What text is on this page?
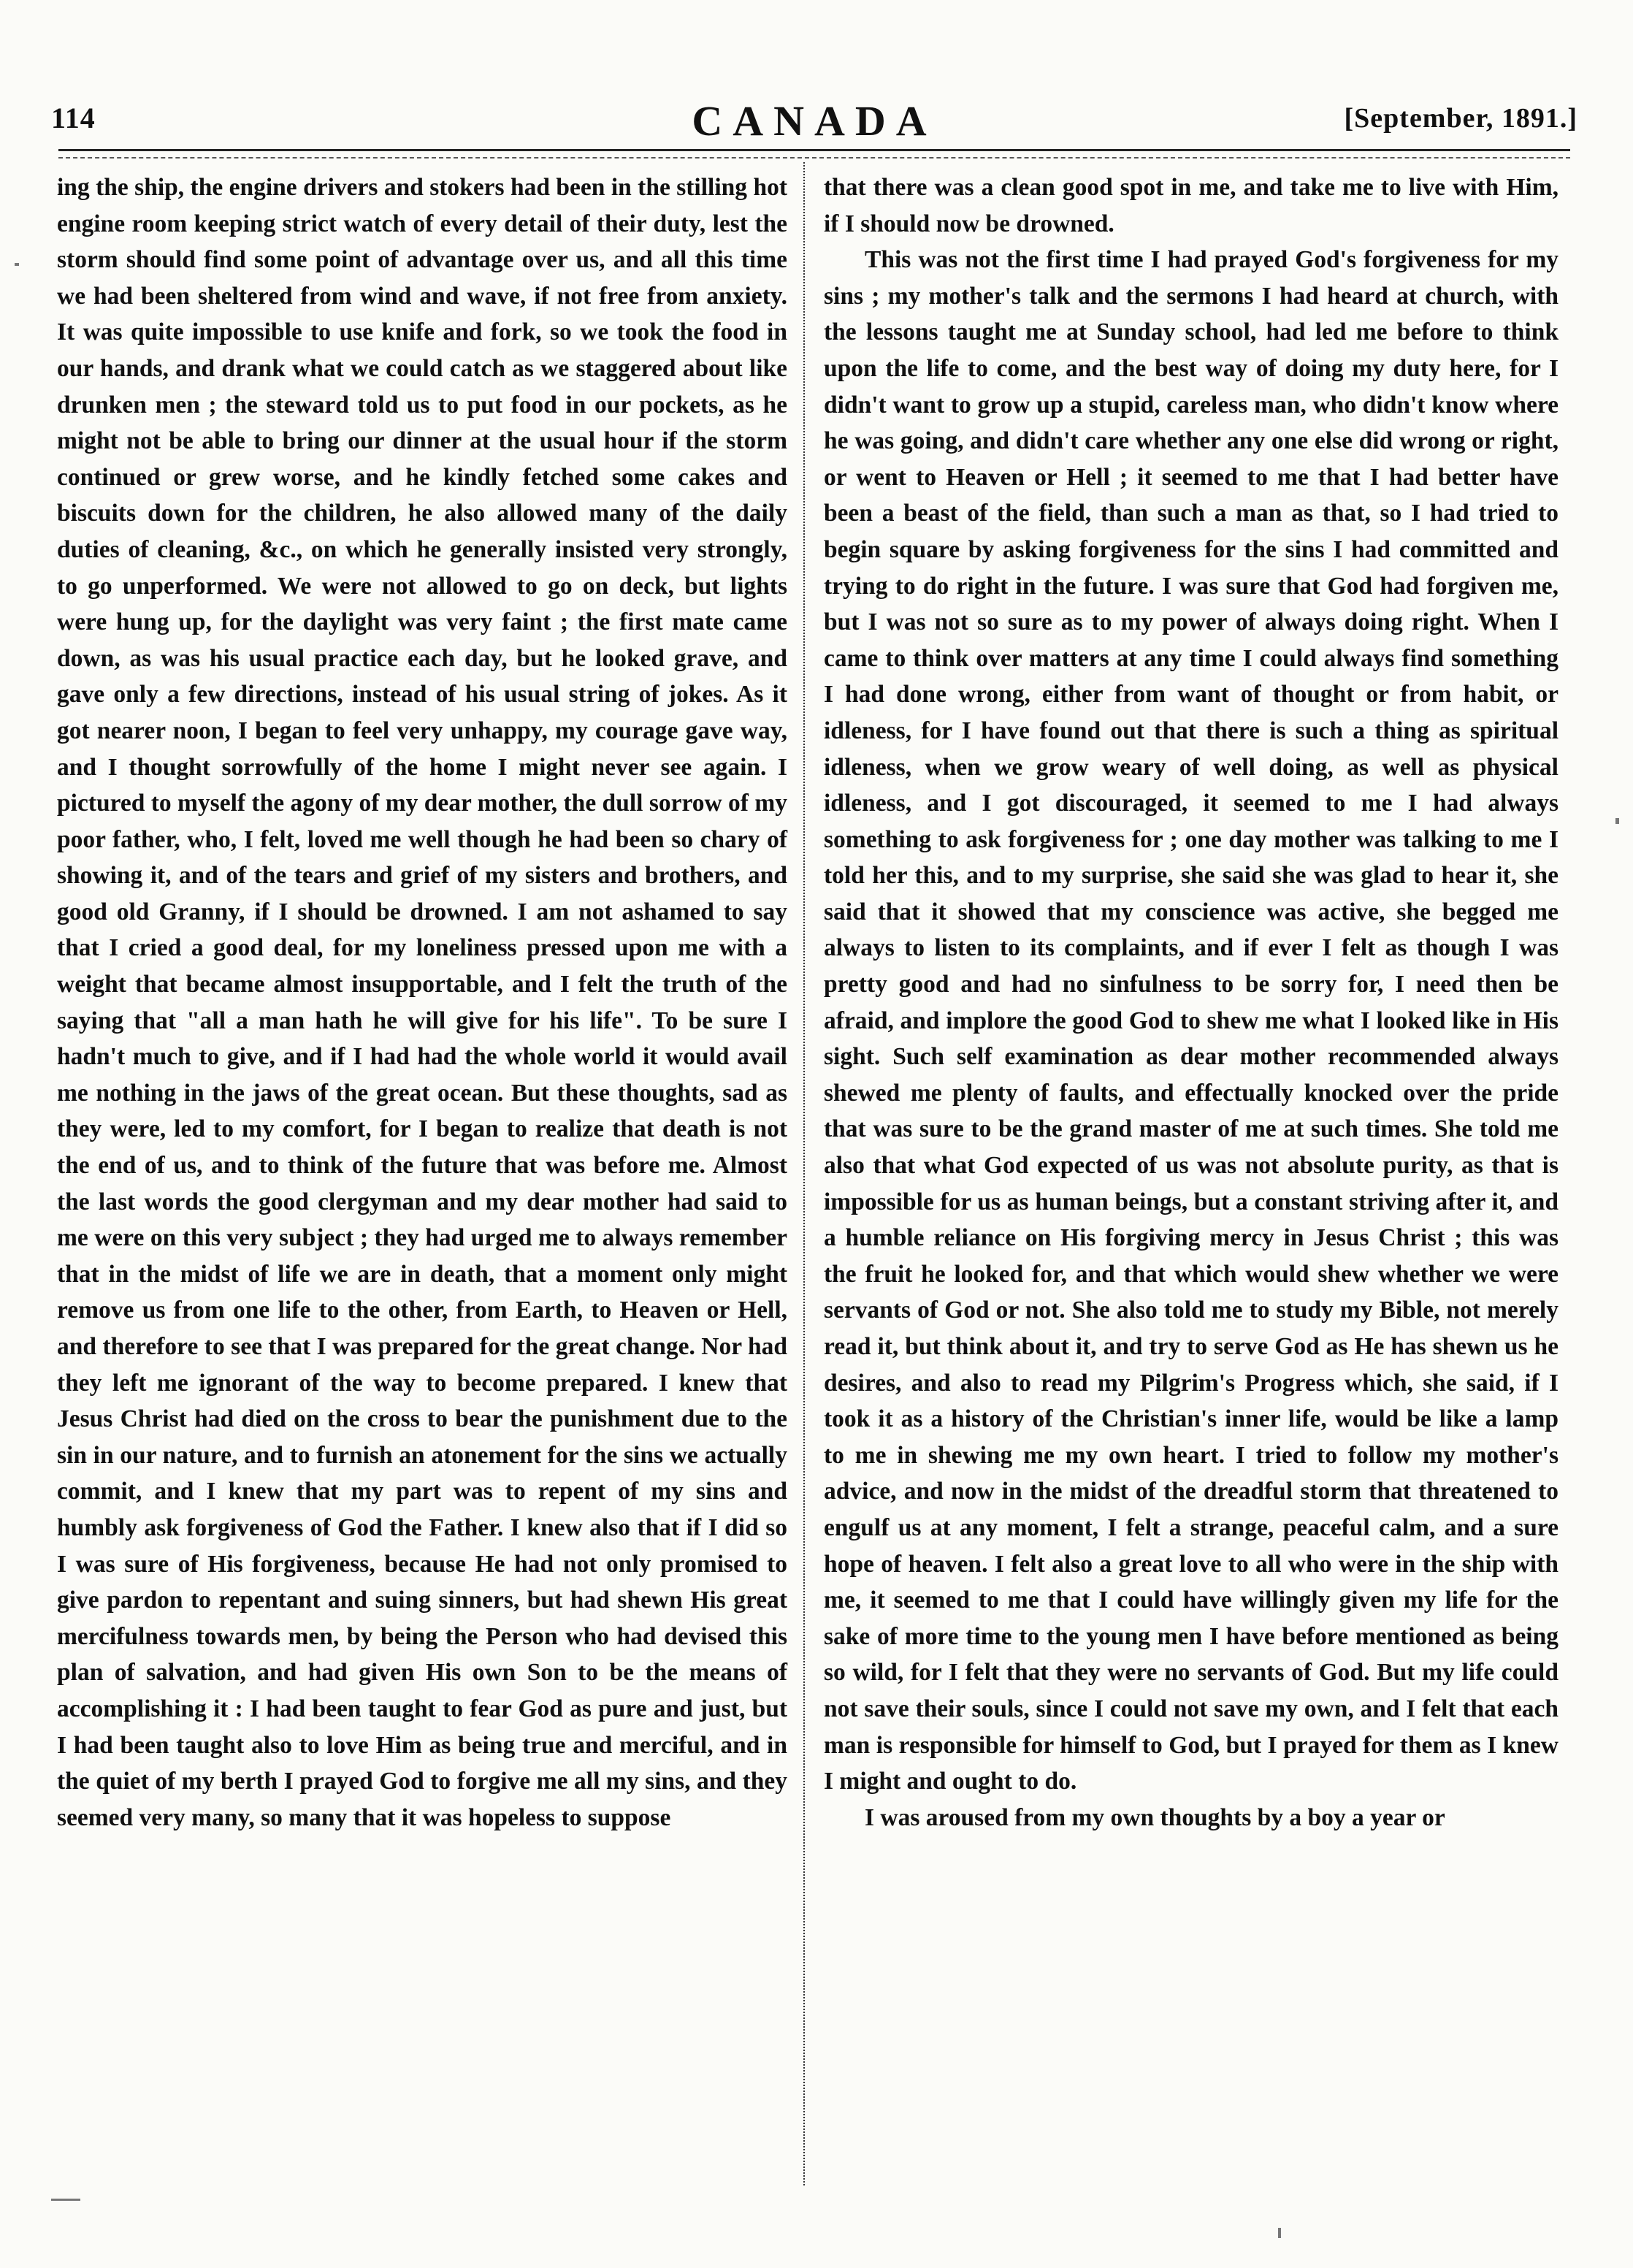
114	CANADA	[September, 1891.]

ing the ship, the engine drivers and stokers had been in the stilling hot engine room keeping strict watch of every detail of their duty, lest the storm should find some point of advantage over us, and all this time we had been sheltered from wind and wave, if not free from anxiety. It was quite impossible to use knife and fork, so we took the food in our hands, and drank what we could catch as we staggered about like drunken men ; the steward told us to put food in our pockets, as he might not be able to bring our dinner at the usual hour if the storm continued or grew worse, and he kindly fetched some cakes and biscuits down for the children, he also allowed many of the daily duties of cleaning, &c., on which he generally insisted very strongly, to go unperformed. We were not allowed to go on deck, but lights were hung up, for the daylight was very faint ; the first mate came down, as was his usual practice each day, but he looked grave, and gave only a few directions, instead of his usual string of jokes. As it got nearer noon, I began to feel very unhappy, my courage gave way, and I thought sorrowfully of the home I might never see again. I pictured to myself the agony of my dear mother, the dull sorrow of my poor father, who, I felt, loved me well though he had been so chary of showing it, and of the tears and grief of my sisters and brothers, and good old Granny, if I should be drowned. I am not ashamed to say that I cried a good deal, for my loneliness pressed upon me with a weight that became almost insupportable, and I felt the truth of the saying that "all a man hath he will give for his life". To be sure I hadn't much to give, and if I had had the whole world it would avail me nothing in the jaws of the great ocean. But these thoughts, sad as they were, led to my comfort, for I began to realize that death is not the end of us, and to think of the future that was before me. Almost the last words the good clergyman and my dear mother had said to me were on this very subject ; they had urged me to always remember that in the midst of life we are in death, that a moment only might remove us from one life to the other, from Earth, to Heaven or Hell, and therefore to see that I was prepared for the great change. Nor had they left me ignorant of the way to become prepared. I knew that Jesus Christ had died on the cross to bear the punishment due to the sin in our nature, and to furnish an atonement for the sins we actually commit, and I knew that my part was to repent of my sins and humbly ask forgiveness of God the Father. I knew also that if I did so I was sure of His forgiveness, because He had not only promised to give pardon to repentant and suing sinners, but had shewn His great mercifulness towards men, by being the Person who had devised this plan of salvation, and had given His own Son to be the means of accomplishing it : I had been taught to fear God as pure and just, but I had been taught also to love Him as being true and merciful, and in the quiet of my berth I prayed God to forgive me all my sins, and they seemed very many, so many that it was hopeless to suppose

that there was a clean good spot in me, and take me to live with Him, if I should now be drowned.

This was not the first time I had prayed God's forgiveness for my sins ; my mother's talk and the sermons I had heard at church, with the lessons taught me at Sunday school, had led me before to think upon the life to come, and the best way of doing my duty here, for I didn't want to grow up a stupid, careless man, who didn't know where he was going, and didn't care whether any one else did wrong or right, or went to Heaven or Hell ; it seemed to me that I had better have been a beast of the field, than such a man as that, so I had tried to begin square by asking forgiveness for the sins I had committed and trying to do right in the future. I was sure that God had forgiven me, but I was not so sure as to my power of always doing right. When I came to think over matters at any time I could always find something I had done wrong, either from want of thought or from habit, or idleness, for I have found out that there is such a thing as spiritual idleness, when we grow weary of well doing, as well as physical idleness, and I got discouraged, it seemed to me I had always something to ask forgiveness for ; one day mother was talking to me I told her this, and to my surprise, she said she was glad to hear it, she said that it showed that my conscience was active, she begged me always to listen to its complaints, and if ever I felt as though I was pretty good and had no sinfulness to be sorry for, I need then be afraid, and implore the good God to shew me what I looked like in His sight. Such self examination as dear mother recommended always shewed me plenty of faults, and effectually knocked over the pride that was sure to be the grand master of me at such times. She told me also that what God expected of us was not absolute purity, as that is impossible for us as human beings, but a constant striving after it, and a humble reliance on His forgiving mercy in Jesus Christ ; this was the fruit he looked for, and that which would shew whether we were servants of God or not. She also told me to study my Bible, not merely read it, but think about it, and try to serve God as He has shewn us he desires, and also to read my Pilgrim's Progress which, she said, if I took it as a history of the Christian's inner life, would be like a lamp to me in shewing me my own heart. I tried to follow my mother's advice, and now in the midst of the dreadful storm that threatened to engulf us at any moment, I felt a strange, peaceful calm, and a sure hope of heaven. I felt also a great love to all who were in the ship with me, it seemed to me that I could have willingly given my life for the sake of more time to the young men I have before mentioned as being so wild, for I felt that they were no servants of God. But my life could not save their souls, since I could not save my own, and I felt that each man is responsible for himself to God, but I prayed for them as I knew I might and ought to do.

I was aroused from my own thoughts by a boy a year or
